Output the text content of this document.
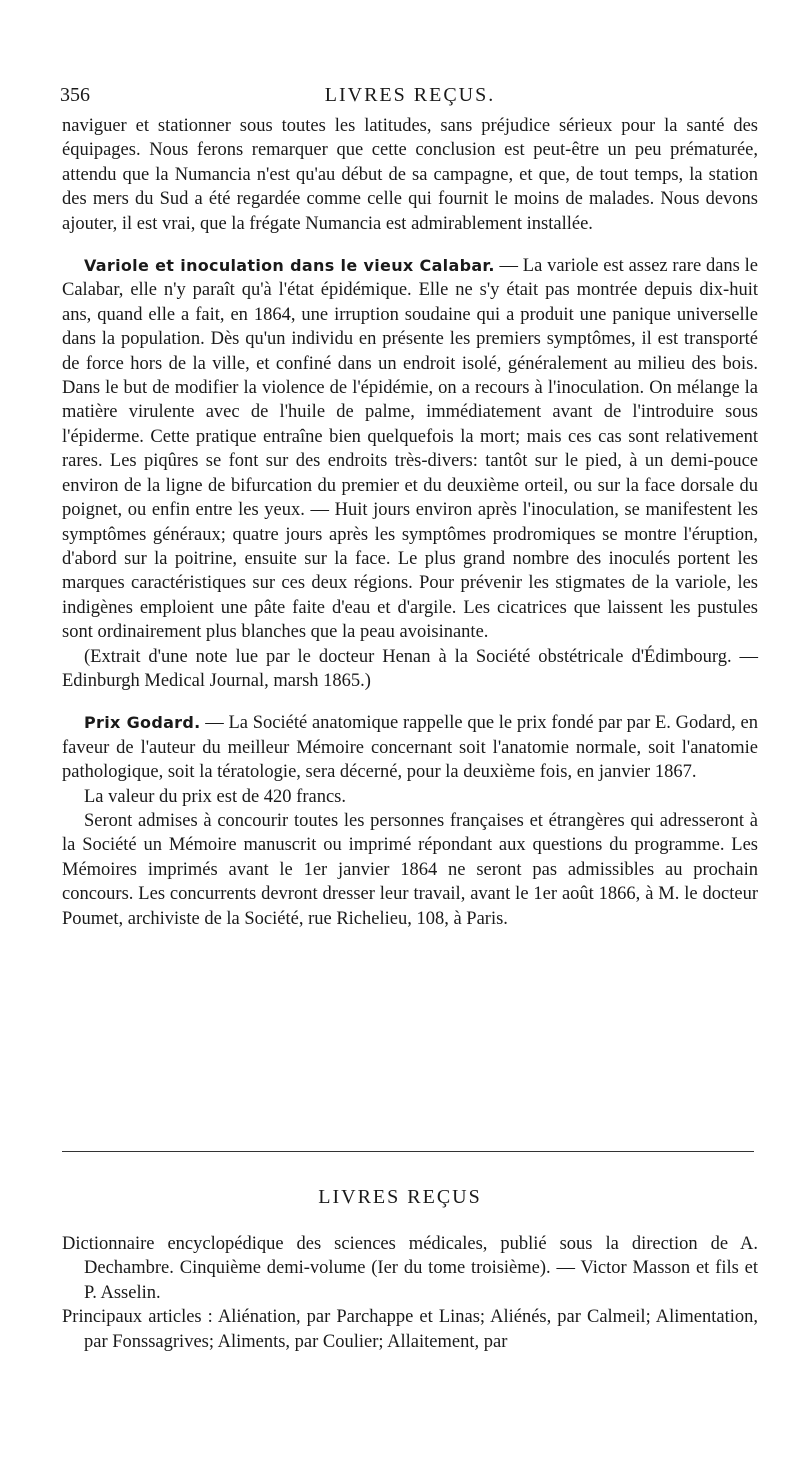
356	LIVRES REÇUS.

naviguer et stationner sous toutes les latitudes, sans préjudice sérieux pour la santé des équipages. Nous ferons remarquer que cette conclusion est peut-être un peu prématurée, attendu que la Numancia n'est qu'au début de sa campagne, et que, de tout temps, la station des mers du Sud a été regardée comme celle qui fournit le moins de malades. Nous devons ajouter, il est vrai, que la frégate Numancia est admirablement installée.

Variole et inoculation dans le vieux Calabar. — La variole est assez rare dans le Calabar, elle n'y paraît qu'à l'état épidémique. Elle ne s'y était pas montrée depuis dix-huit ans, quand elle a fait, en 1864, une irruption soudaine qui a produit une panique universelle dans la population. Dès qu'un individu en présente les premiers symptômes, il est transporté de force hors de la ville, et confiné dans un endroit isolé, généralement au milieu des bois. Dans le but de modifier la violence de l'épidémie, on a recours à l'inoculation. On mélange la matière virulente avec de l'huile de palme, immédiatement avant de l'introduire sous l'épiderme. Cette pratique entraîne bien quelquefois la mort; mais ces cas sont relativement rares. Les piqûres se font sur des endroits très-divers: tantôt sur le pied, à un demi-pouce environ de la ligne de bifurcation du premier et du deuxième orteil, ou sur la face dorsale du poignet, ou enfin entre les yeux. — Huit jours environ après l'inoculation, se manifestent les symptômes généraux; quatre jours après les symptômes prodromiques se montre l'éruption, d'abord sur la poitrine, ensuite sur la face. Le plus grand nombre des inoculés portent les marques caractéristiques sur ces deux régions. Pour prévenir les stigmates de la variole, les indigènes emploient une pâte faite d'eau et d'argile. Les cicatrices que laissent les pustules sont ordinairement plus blanches que la peau avoisinante.

(Extrait d'une note lue par le docteur Henan à la Société obstétricale d'Édimbourg. — Edinburgh Medical Journal, marsh 1865.)

Prix Godard. — La Société anatomique rappelle que le prix fondé par par E. Godard, en faveur de l'auteur du meilleur Mémoire concernant soit l'anatomie normale, soit l'anatomie pathologique, soit la tératologie, sera décerné, pour la deuxième fois, en janvier 1867.

La valeur du prix est de 420 francs.

Seront admises à concourir toutes les personnes françaises et étrangères qui adresseront à la Société un Mémoire manuscrit ou imprimé répondant aux questions du programme. Les Mémoires imprimés avant le 1er janvier 1864 ne seront pas admissibles au prochain concours. Les concurrents devront dresser leur travail, avant le 1er août 1866, à M. le docteur Poumet, archiviste de la Société, rue Richelieu, 108, à Paris.

LIVRES REÇUS

Dictionnaire encyclopédique des sciences médicales, publié sous la direction de A. Dechambre. Cinquième demi-volume (Ier du tome troisième). — Victor Masson et fils et P. Asselin.

Principaux articles : Aliénation, par Parchappe et Linas; Aliénés, par Calmeil; Alimentation, par Fonssagrives; Aliments, par Coulier; Allaitement, par
